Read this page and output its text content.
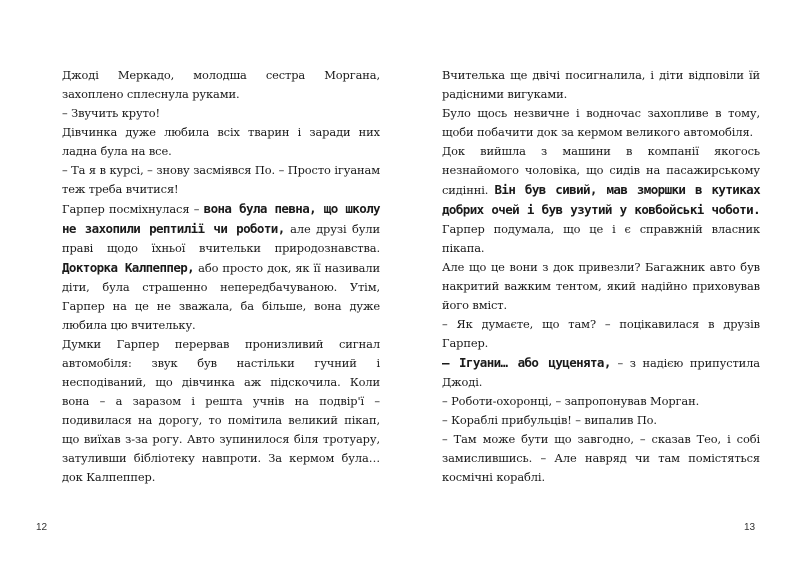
Джоді Меркадо, молодша сестра Моргана, захоплено сплеснула руками.

– Звучить круто!

Дівчинка дуже любила всіх тварин і заради них ладна була на все.

– Та я в курсі, – знову засміявся По. – Просто ігуанам теж треба вчитися!

Гарпер посміхнулася – вона була певна, що школу не захопили рептилії чи роботи, але друзі були праві щодо їхньої вчительки природознавства. Докторка Калпеппер, або просто док, як її називали діти, була страшенно непередбачуваною. Утім, Гарпер на це не зважала, ба більше, вона дуже любила цю вчительку.

Думки Гарпер перервав пронизливий сигнал автомобіля: звук був настільки гучний і несподіваний, що дівчинка аж підскочила. Коли вона – а заразом і решта учнів на подвір'ї – подивилася на дорогу, то помітила великий пікап, що виїхав з-за рогу. Авто зупинилося біля тротуару, затуливши бібліотеку навпроти. За кермом була… док Калпеппер.

Вчителька ще двічі посигналила, і діти відповіли їй радісними вигуками.

Було щось незвичне і водночас захопливе в тому, щоби побачити док за кермом великого автомобіля.

Док вийшла з машини в компанії якогось незнайомого чоловіка, що сидів на пасажирському сидінні. Він був сивий, мав зморшки в кутиках добрих очей і був узутий у ковбойські чоботи. Гарпер подумала, що це і є справжній власник пікапа.

Але що це вони з док привезли? Багажник авто був накритий важким тентом, який надійно приховував його вміст.

– Як думаєте, що там? – поцікавилася в друзів Гарпер.

– Ігуани… або цуценята, – з надією припустила Джоді.

– Роботи-охоронці, – запропонував Морган.

– Кораблі прибульців! – випалив По.

– Там може бути що завгодно, – сказав Тео, і собі замислившись. – Але навряд чи там помістяться космічні кораблі.

12	13
